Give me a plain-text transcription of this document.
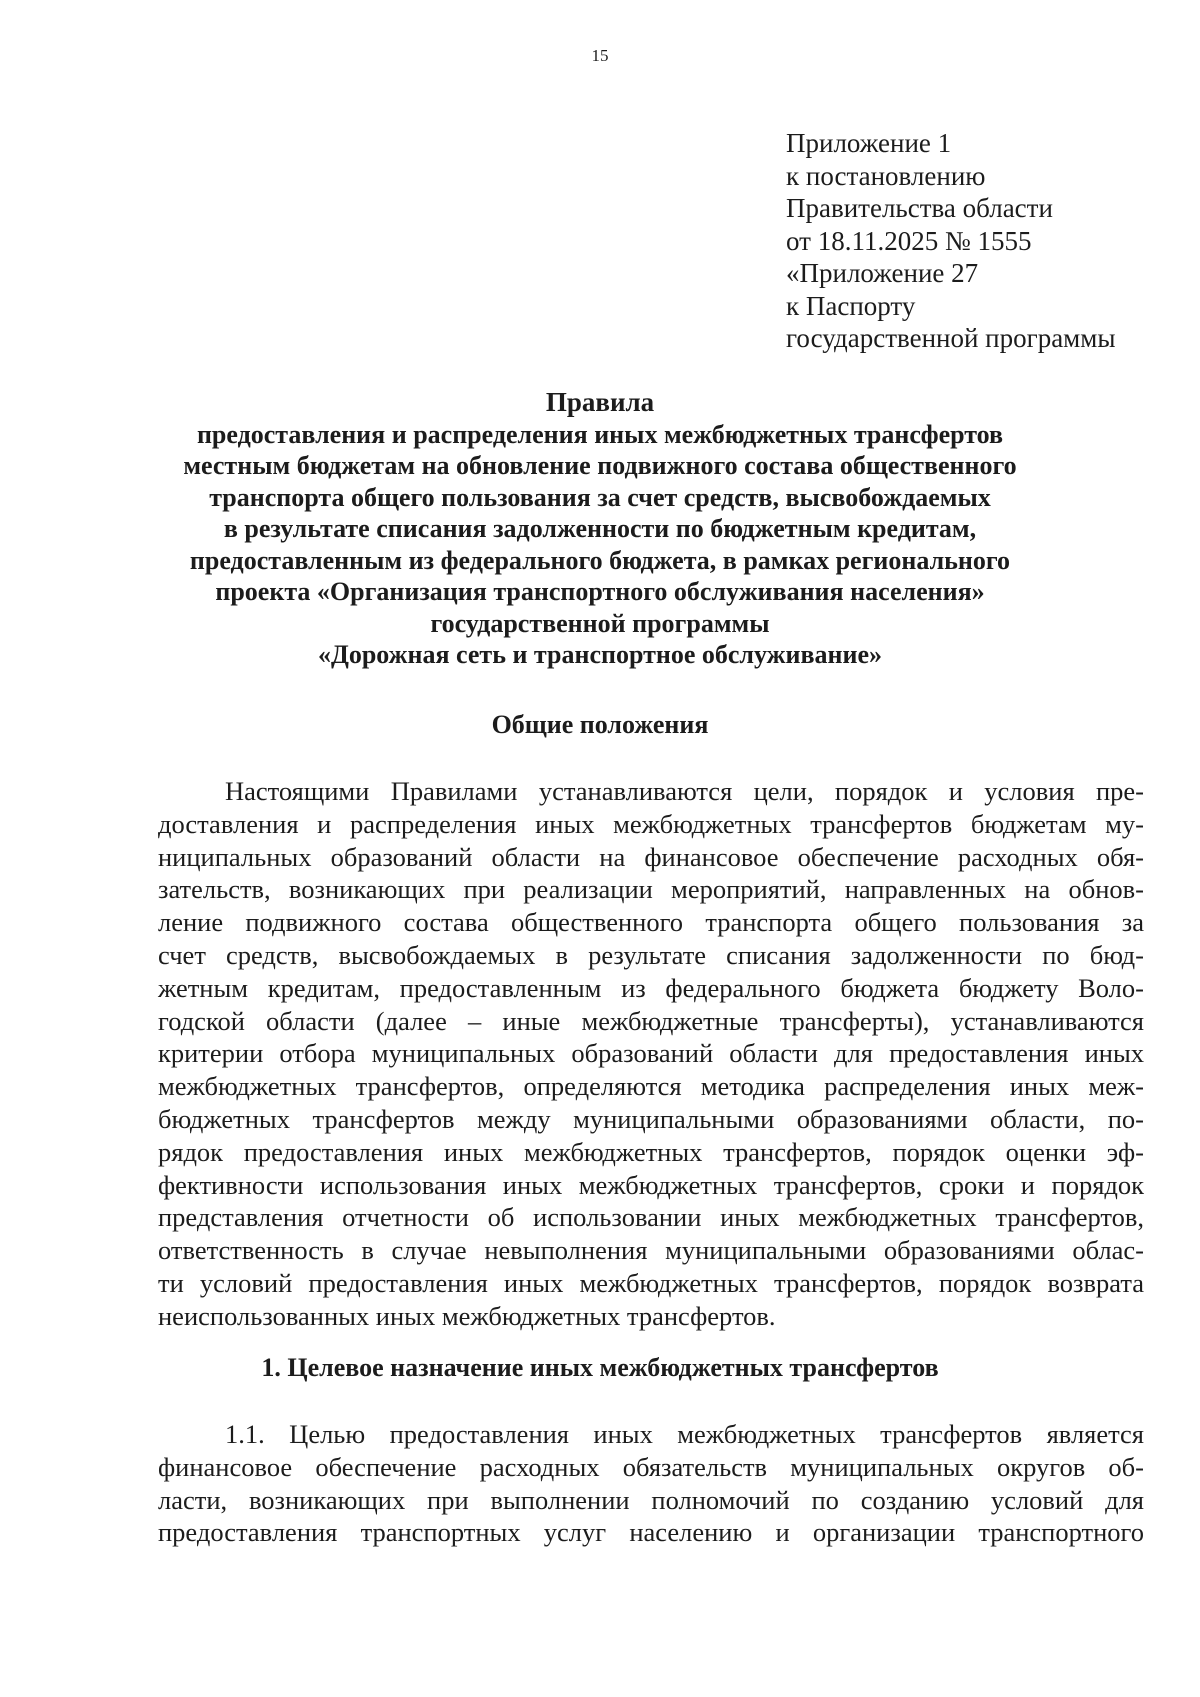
15
Приложение 1
к постановлению
Правительства области
от 18.11.2025 № 1555
«Приложение 27
к Паспорту
государственной программы
Правила
предоставления и распределения иных межбюджетных трансфертов
местным бюджетам на обновление подвижного состава общественного
транспорта общего пользования за счет средств, высвобождаемых
в результате списания задолженности по бюджетным кредитам,
предоставленным из федерального бюджета, в рамках регионального
проекта «Организация транспортного обслуживания населения»
государственной программы
«Дорожная сеть и транспортное обслуживание»
Общие положения
Настоящими Правилами устанавливаются цели, порядок и условия пре-
доставления и распределения иных межбюджетных трансфертов бюджетам му-
ниципальных образований области на финансовое обеспечение расходных обя-
зательств, возникающих при реализации мероприятий, направленных на обнов-
ление подвижного состава общественного транспорта общего пользования за
счет средств, высвобождаемых в результате списания задолженности по бюд-
жетным кредитам, предоставленным из федерального бюджета бюджету Воло-
годской области (далее – иные межбюджетные трансферты), устанавливаются
критерии отбора муниципальных образований области для предоставления иных
межбюджетных трансфертов, определяются методика распределения иных меж-
бюджетных трансфертов между муниципальными образованиями области, по-
рядок предоставления иных межбюджетных трансфертов, порядок оценки эф-
фективности использования иных межбюджетных трансфертов, сроки и порядок
представления отчетности об использовании иных межбюджетных трансфертов,
ответственность в случае невыполнения муниципальными образованиями облас-
ти условий предоставления иных межбюджетных трансфертов, порядок возврата
неиспользованных иных межбюджетных трансфертов.
1. Целевое назначение иных межбюджетных трансфертов
1.1. Целью предоставления иных межбюджетных трансфертов является
финансовое обеспечение расходных обязательств муниципальных округов об-
ласти, возникающих при выполнении полномочий по созданию условий для
предоставления транспортных услуг населению и организации транспортного
